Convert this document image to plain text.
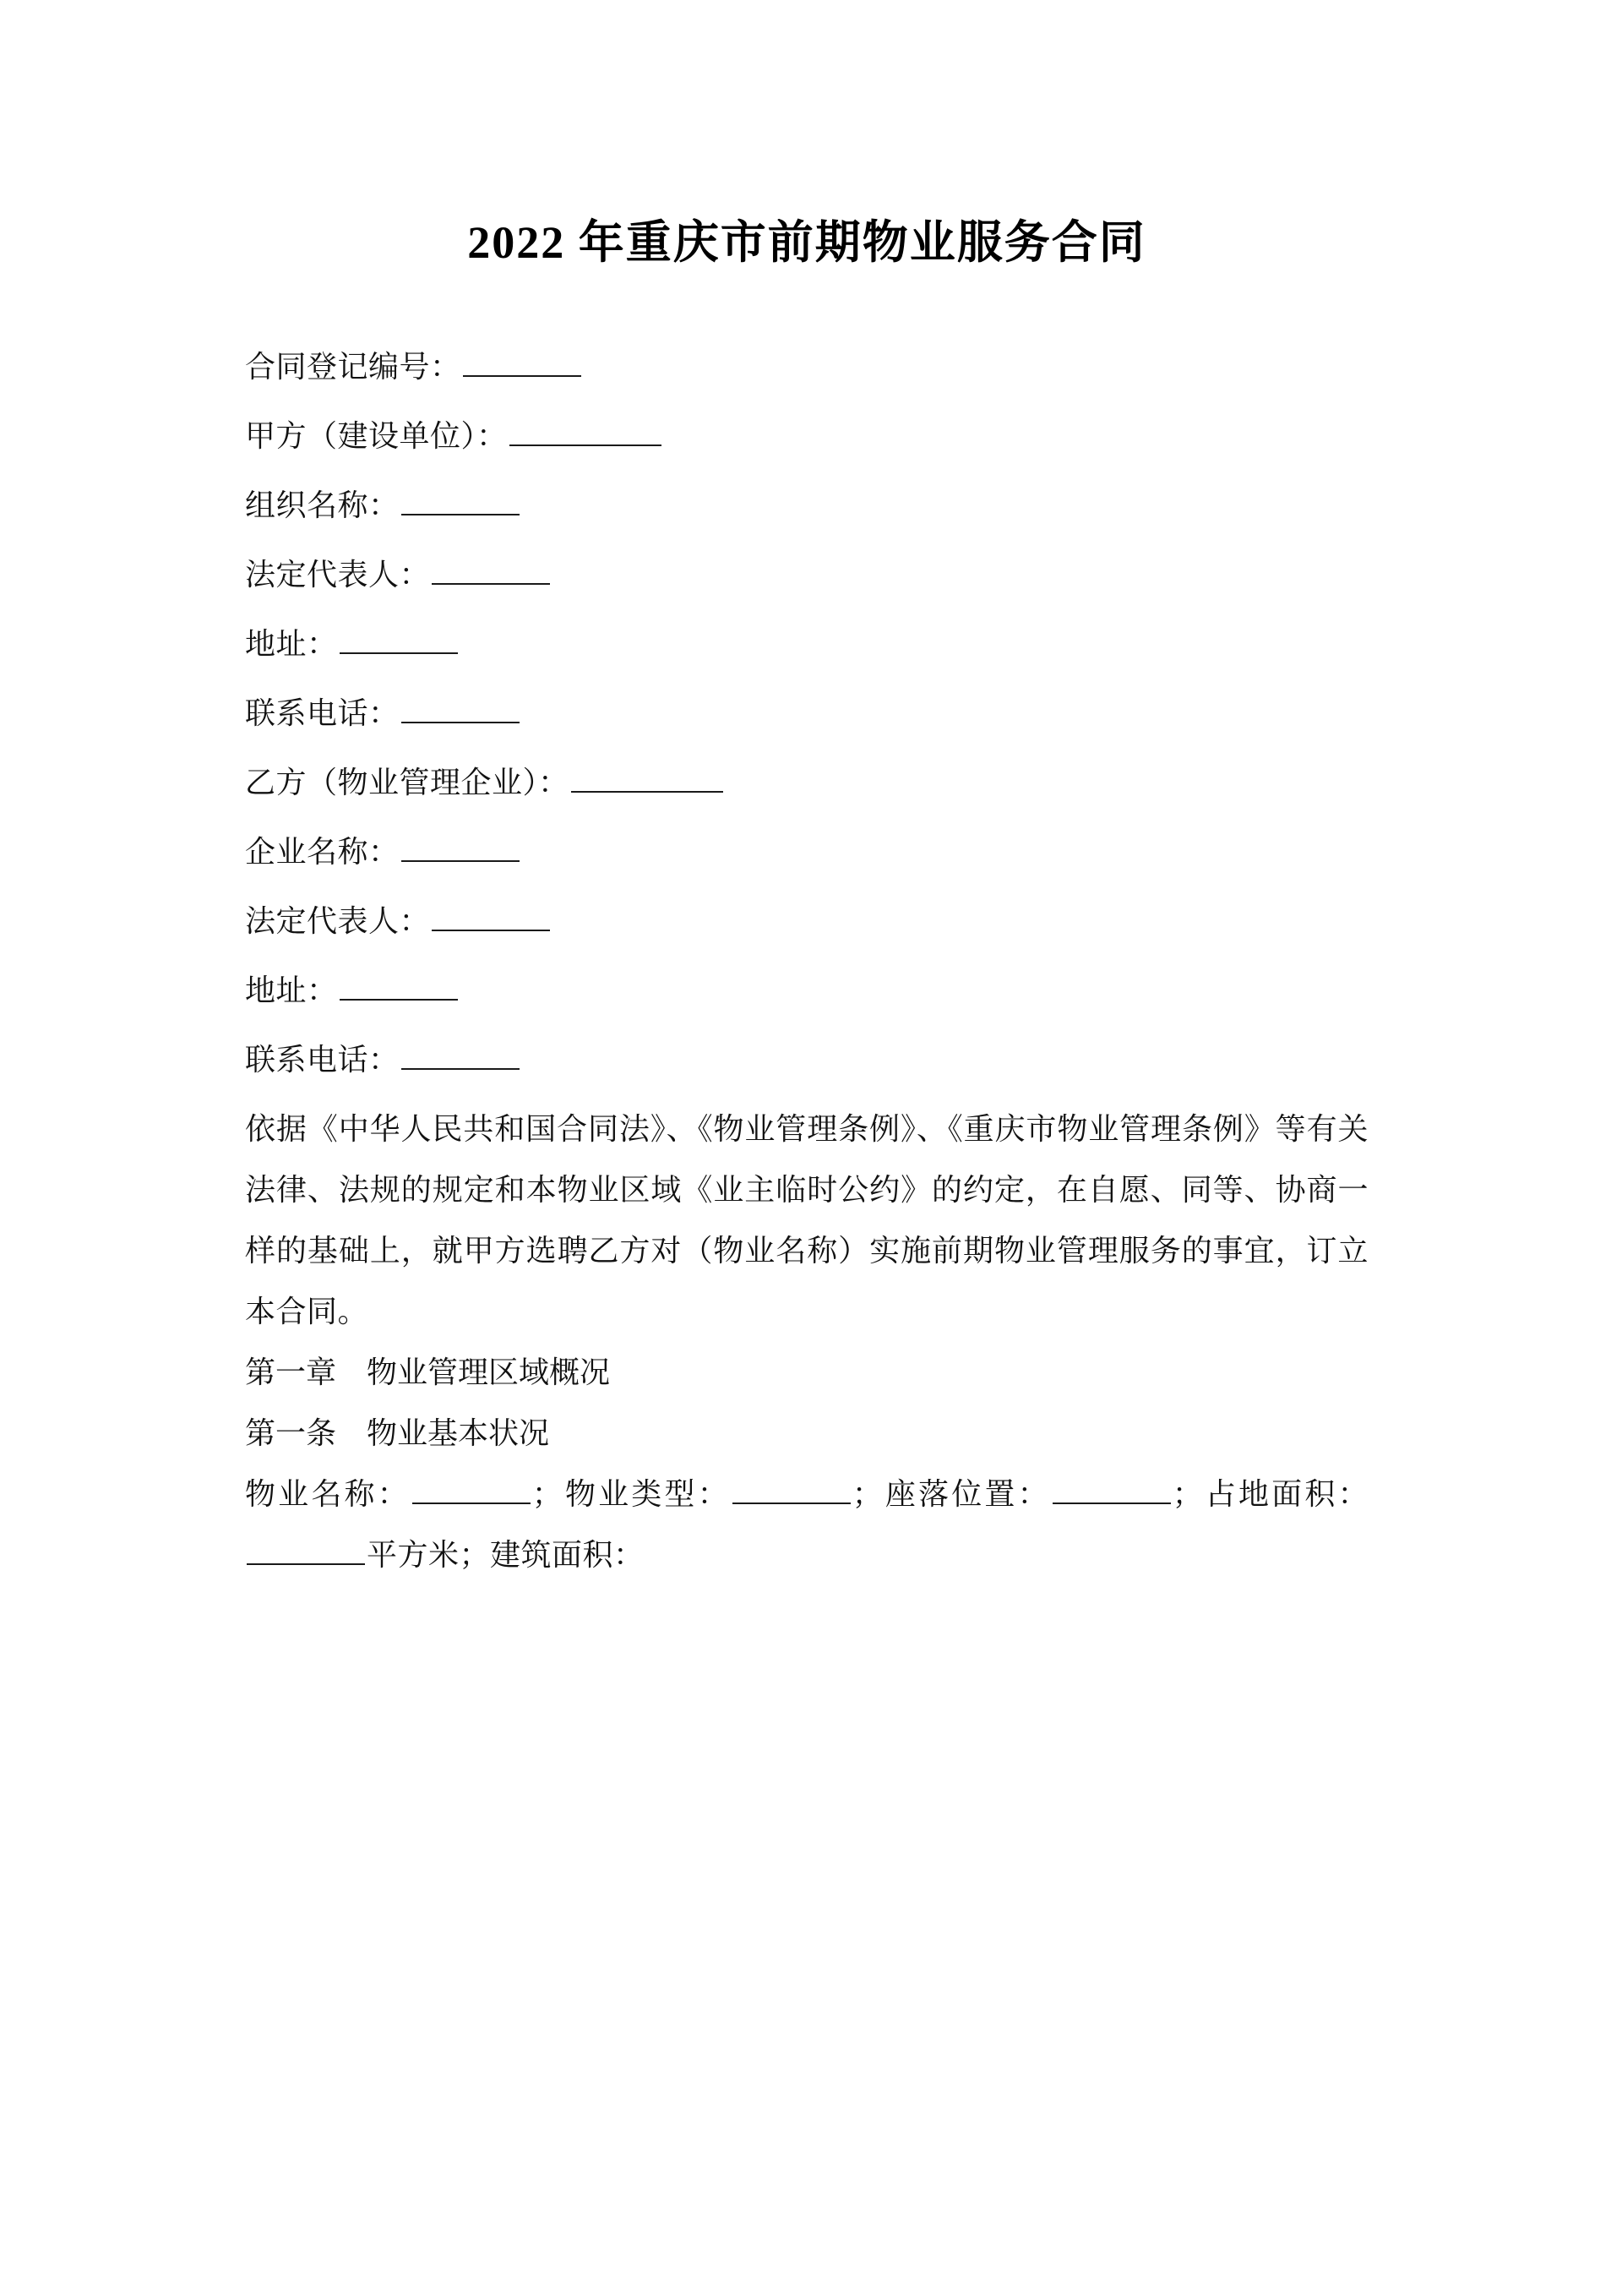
2022 年重庆市前期物业服务合同

合同登记编号：

甲方（建设单位）：

组织名称：

法定代表人：

地址：

联系电话：

乙方（物业管理企业）：

企业名称：

法定代表人：

地址：

联系电话：

依据《中华人民共和国合同法》、《物业管理条例》、《重庆市物业管理条例》等有关法律、法规的规定和本物业区域《业主临时公约》的约定，在自愿、同等、协商一样的基础上，就甲方选聘乙方对（物业名称）实施前期物业管理服务的事宜，订立本合同。

第一章　物业管理区域概况

第一条　物业基本状况

物业名称：	；物业类型：	；座落位置：	；占地面积：平方米；建筑面积：
